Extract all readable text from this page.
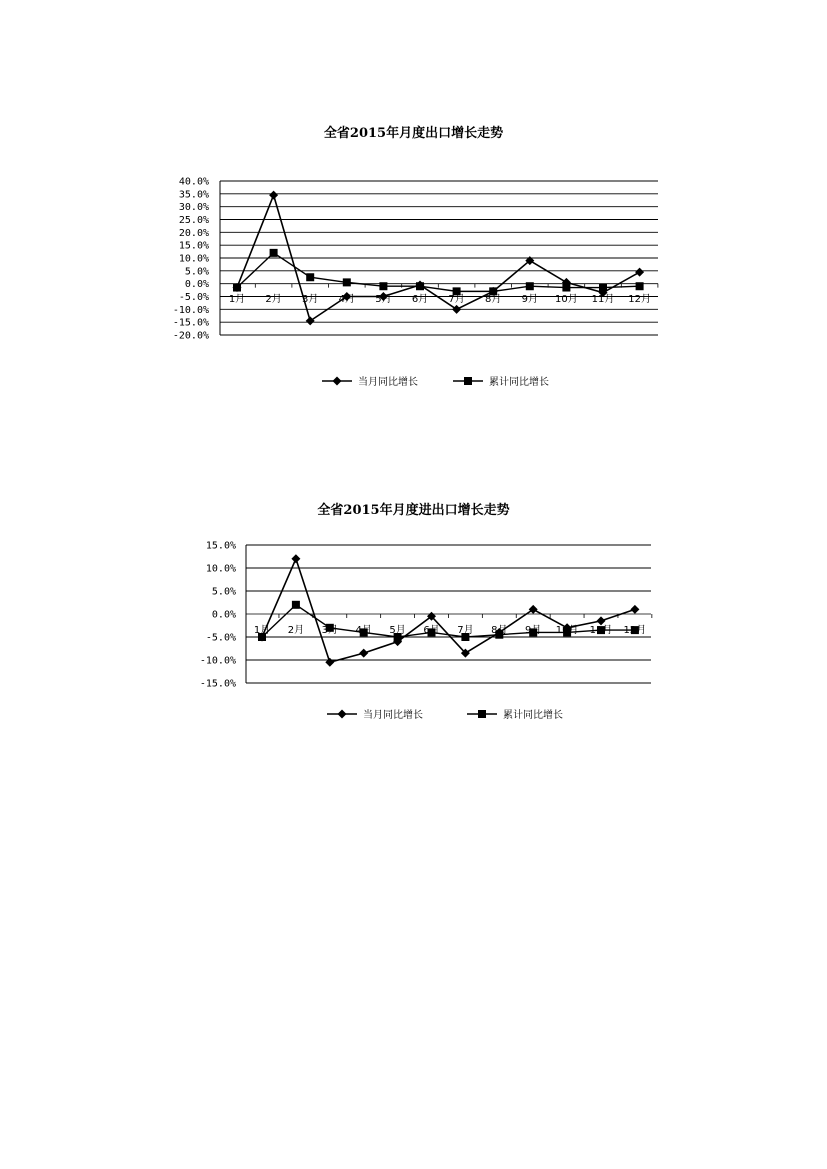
全省2015年月度出口增长走势
40.0%
35.0%
30.0%
25.0%
20.0%
15.0%
10.0%
5.0%
0.0%
-5.0%
-10.0%
-15.0%
-20.0%
1月 2月 3月 4月 5月 6月 7月 8月 9月 10月 11月 12月
当月同比增长	累计同比增长
全省2015年月度进出口增长走势
15.0%
10.0%
5.0%
0.0%
-5.0%
-10.0%
-15.0%
1月 2月 3月 4月 5月 6月 7月 8月 9月 10月 11月 12月
当月同比增长	累计同比增长
